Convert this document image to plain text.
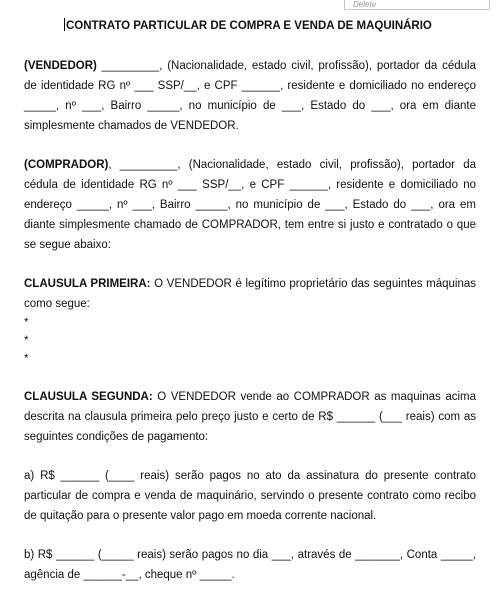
Delete
CONTRATO PARTICULAR DE COMPRA E VENDA DE MAQUINÁRIO

(VENDEDOR) _________, (Nacionalidade, estado civil, profissão), portador da cédula de identidade RG nº ___ SSP/__, e CPF ______, residente e domiciliado no endereço _____, nº ___, Bairro _____, no município de ___, Estado do ___, ora em diante simplesmente chamados de VENDEDOR.

(COMPRADOR), _________, (Nacionalidade, estado civil, profissão), portador da cédula de identidade RG nº ___ SSP/__, e CPF ______, residente e domiciliado no endereço _____, nº ___, Bairro _____, no município de ___, Estado do ___, ora em diante simplesmente chamado de COMPRADOR, tem entre si justo e contratado o que se segue abaixo:

CLAUSULA PRIMEIRA: O VENDEDOR é legítimo proprietário das seguintes máquinas como segue:

*

*

*

CLAUSULA SEGUNDA: O VENDEDOR vende ao COMPRADOR as maquinas acima descrita na clausula primeira pelo preço justo e certo de R$ ______ (___ reais) com as seguintes condições de pagamento:

a) R$ ______ (____ reais) serão pagos no ato da assinatura do presente contrato particular de compra e venda de maquinário, servindo o presente contrato como recibo de quitação para o presente valor pago em moeda corrente nacional.

b) R$ ______ (_____ reais) serão pagos no dia ___, através de _______, Conta _____, agência de ______-__, cheque nº _____.
